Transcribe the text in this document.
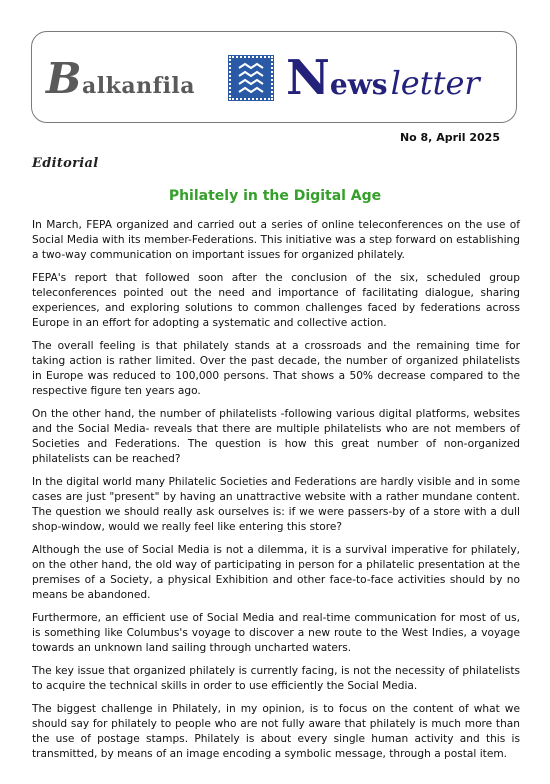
Balkanfila Newsletter
No 8, April 2025
Editorial
Philately in the Digital Age

In March, FEPA organized and carried out a series of online teleconferences on the use of Social Media with its member-Federations. This initiative was a step forward on establishing a two-way communication on important issues for organized philately.

FEPA's report that followed soon after the conclusion of the six, scheduled group teleconferences pointed out the need and importance of facilitating dialogue, sharing experiences, and exploring solutions to common challenges faced by federations across Europe in an effort for adopting a systematic and collective action.

The overall feeling is that philately stands at a crossroads and the remaining time for taking action is rather limited. Over the past decade, the number of organized philatelists in Europe was reduced to 100,000 persons. That shows a 50% decrease compared to the respective figure ten years ago.

On the other hand, the number of philatelists -following various digital platforms, websites and the Social Media- reveals that there are multiple philatelists who are not members of Societies and Federations. The question is how this great number of non-organized philatelists can be reached?

In the digital world many Philatelic Societies and Federations are hardly visible and in some cases are just "present" by having an unattractive website with a rather mundane content. The question we should really ask ourselves is: if we were passers-by of a store with a dull shop-window, would we really feel like entering this store?

Although the use of Social Media is not a dilemma, it is a survival imperative for philately, on the other hand, the old way of participating in person for a philatelic presentation at the premises of a Society, a physical Exhibition and other face-to-face activities should by no means be abandoned.

Furthermore, an efficient use of Social Media and real-time communication for most of us, is something like Columbus's voyage to discover a new route to the West Indies, a voyage towards an unknown land sailing through uncharted waters.

The key issue that organized philately is currently facing, is not the necessity of philatelists to acquire the technical skills in order to use efficiently the Social Media.

The biggest challenge in Philately, in my opinion, is to focus on the content of what we should say for philately to people who are not fully aware that philately is much more than the use of postage stamps. Philately is about every single human activity and this is transmitted, by means of an image encoding a symbolic message, through a postal item.
